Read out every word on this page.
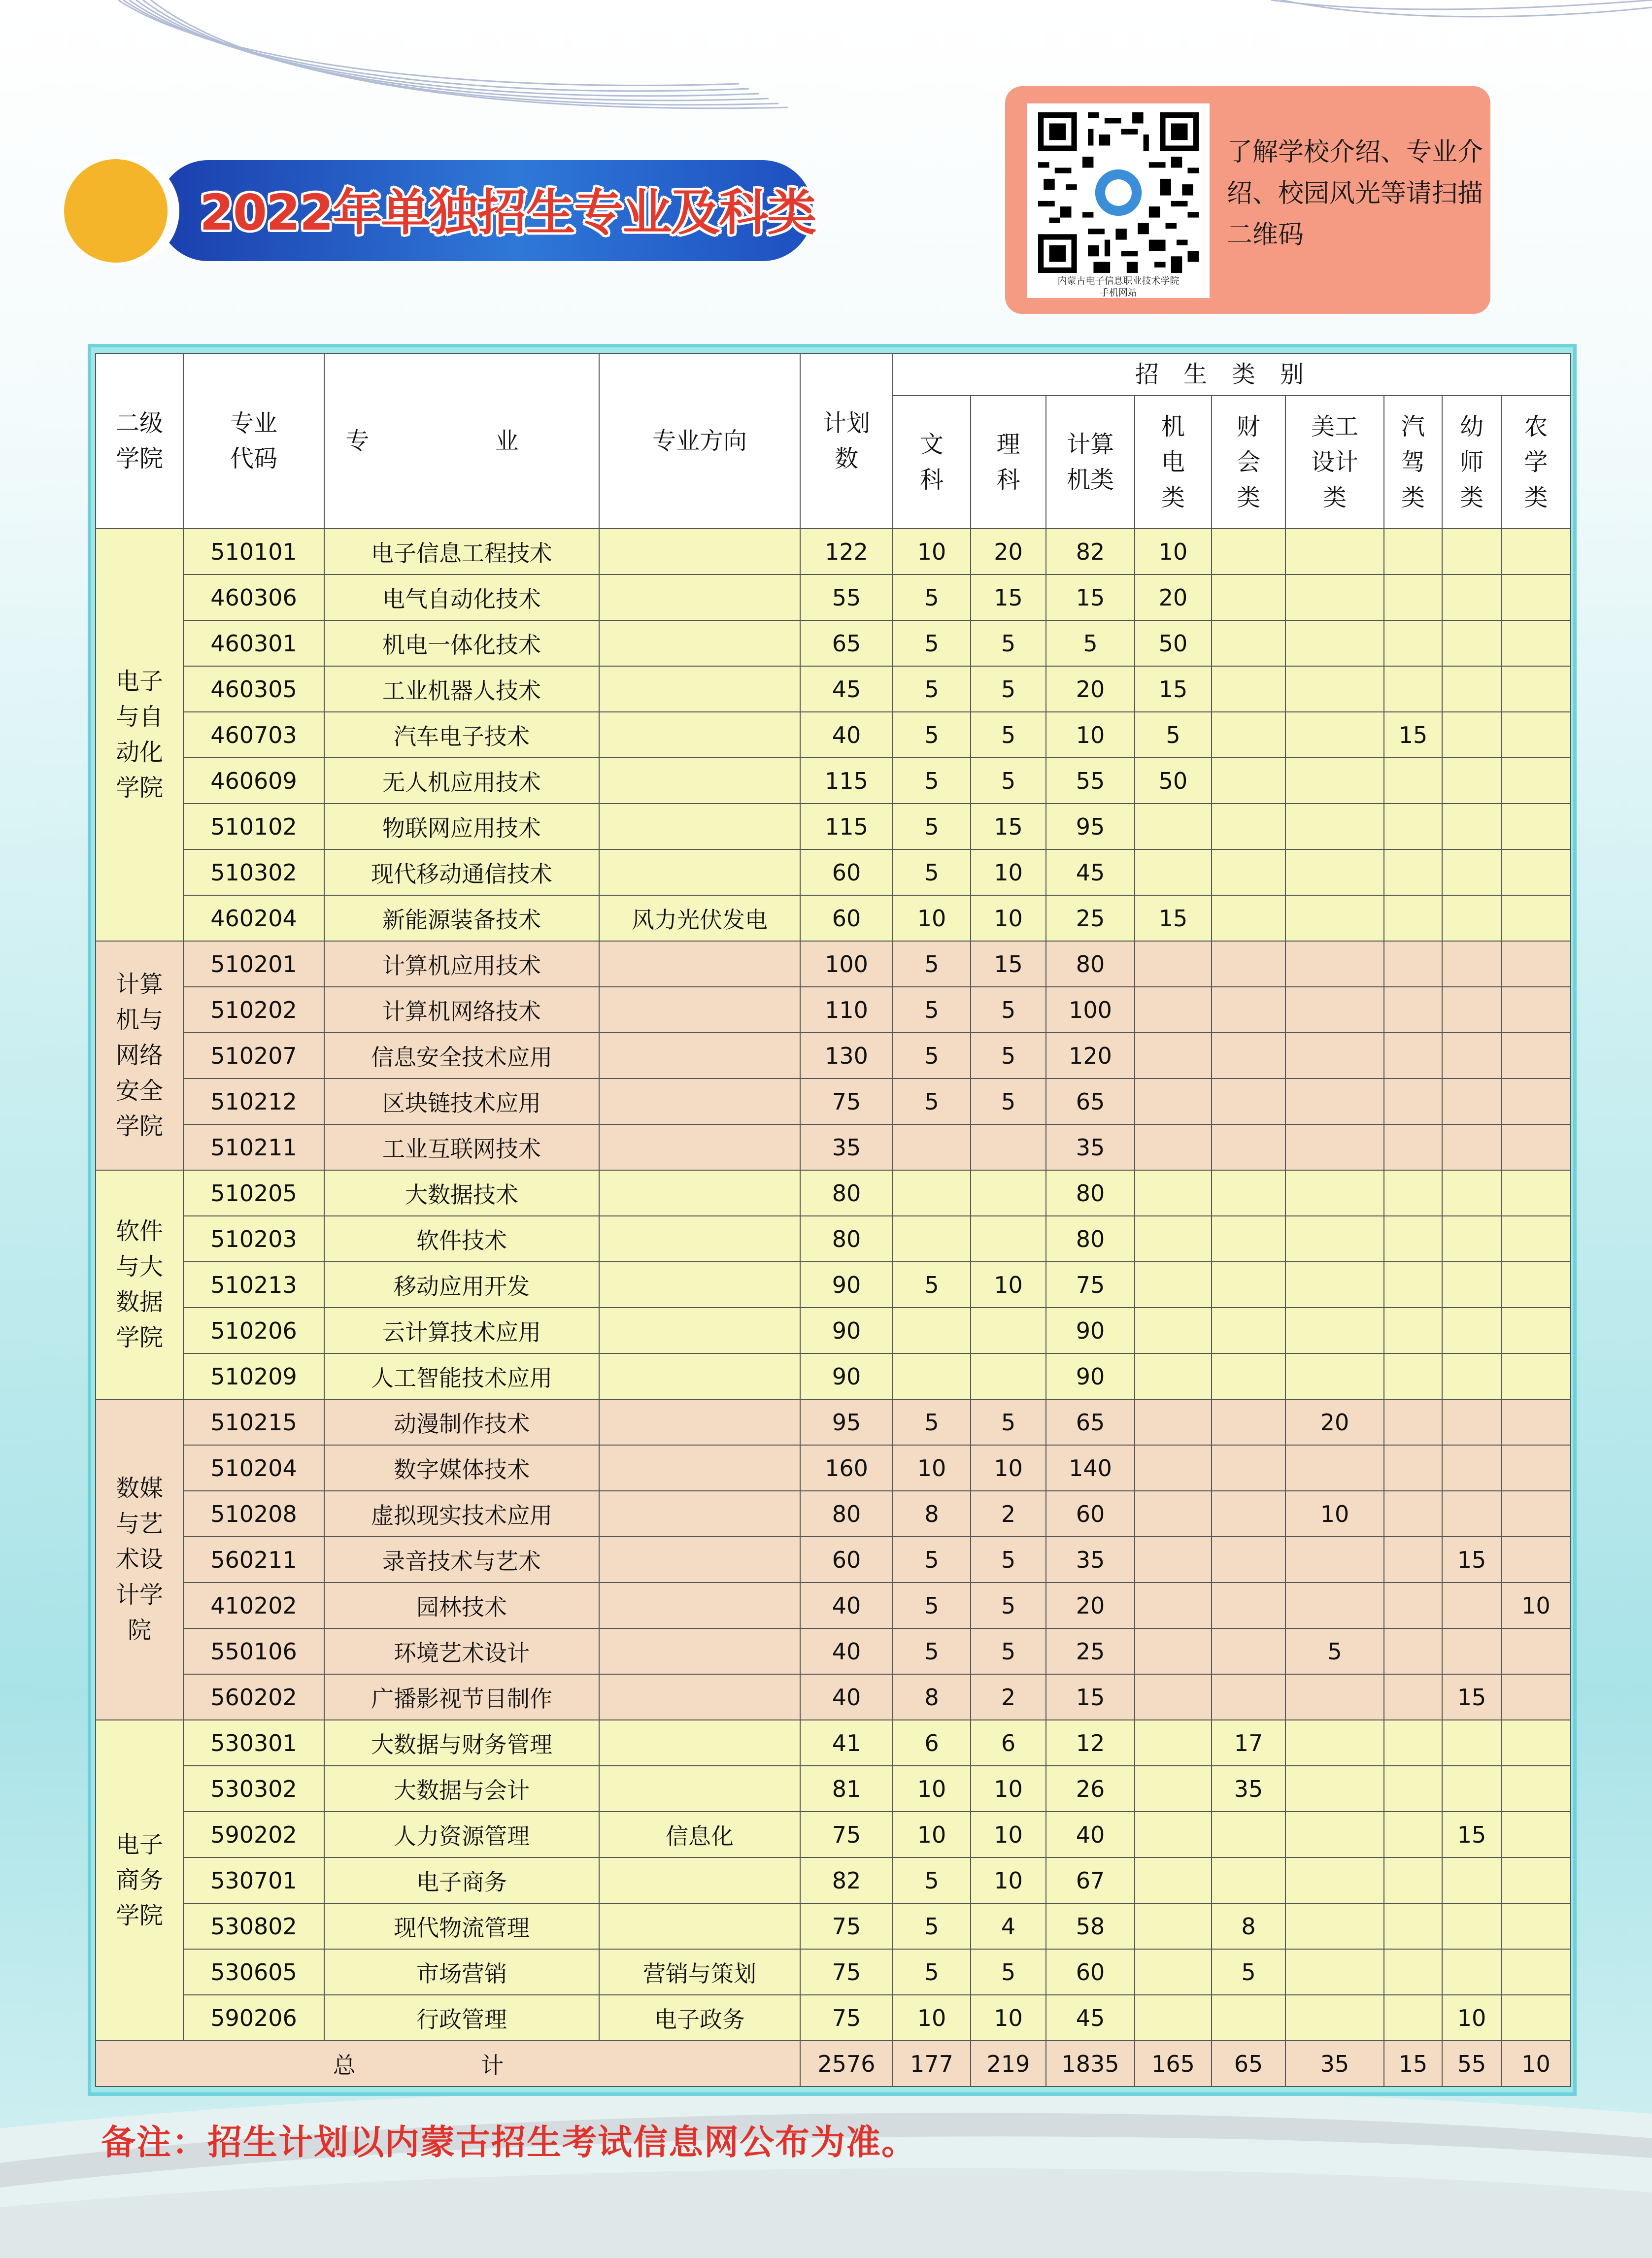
2022年单独招生专业及科类
内蒙古电子信息职业技术学院
手机网站
了解学校介绍、专业介绍、校园风光等请扫描二维码
二级学院	专业代码	专 业	专业方向	计划数	招生类别								
					文科	理科	计算机类	机电类	财会类	美工设计类	汽驾类	幼师类	农学类
电子与自动化学院	510101	电子信息工程技术		122	10	20	82	10					
	460306	电气自动化技术		55	5	15	15	20					
	460301	机电一体化技术		65	5	5	5	50					
	460305	工业机器人技术		45	5	5	20	15					
	460703	汽车电子技术		40	5	5	10	5			15		
	460609	无人机应用技术		115	5	5	55	50					
	510102	物联网应用技术		115	5	15	95						
	510302	现代移动通信技术		60	5	10	45						
	460204	新能源装备技术	风力光伏发电	60	10	10	25	15					
计算机与网络安全学院	510201	计算机应用技术		100	5	15	80						
	510202	计算机网络技术		110	5	5	100						
	510207	信息安全技术应用		130	5	5	120						
	510212	区块链技术应用		75	5	5	65						
	510211	工业互联网技术		35			35						
软件与大数据学院	510205	大数据技术		80			80						
	510203	软件技术		80			80						
	510213	移动应用开发		90	5	10	75						
	510206	云计算技术应用		90			90						
	510209	人工智能技术应用		90			90						
数媒与艺术设计学院	510215	动漫制作技术		95	5	5	65			20			
	510204	数字媒体技术		160	10	10	140						
	510208	虚拟现实技术应用		80	8	2	60			10			
	560211	录音技术与艺术		60	5	5	35					15	
	410202	园林技术		40	5	5	20						10
	550106	环境艺术设计		40	5	5	25			5			
	560202	广播影视节目制作		40	8	2	15					15	
电子商务学院	530301	大数据与财务管理		41	6	6	12		17				
	530302	大数据与会计		81	10	10	26		35				
	590202	人力资源管理	信息化	75	10	10	40					15	
	530701	电子商务		82	5	10	67						
	530802	现代物流管理		75	5	4	58		8				
	530605	市场营销	营销与策划	75	5	5	60		5				
	590206	行政管理	电子政务	75	10	10	45					10	
总 计				2576	177	219	1835	165	65	35	15	55	10
备注：招生计划以内蒙古招生考试信息网公布为准。
